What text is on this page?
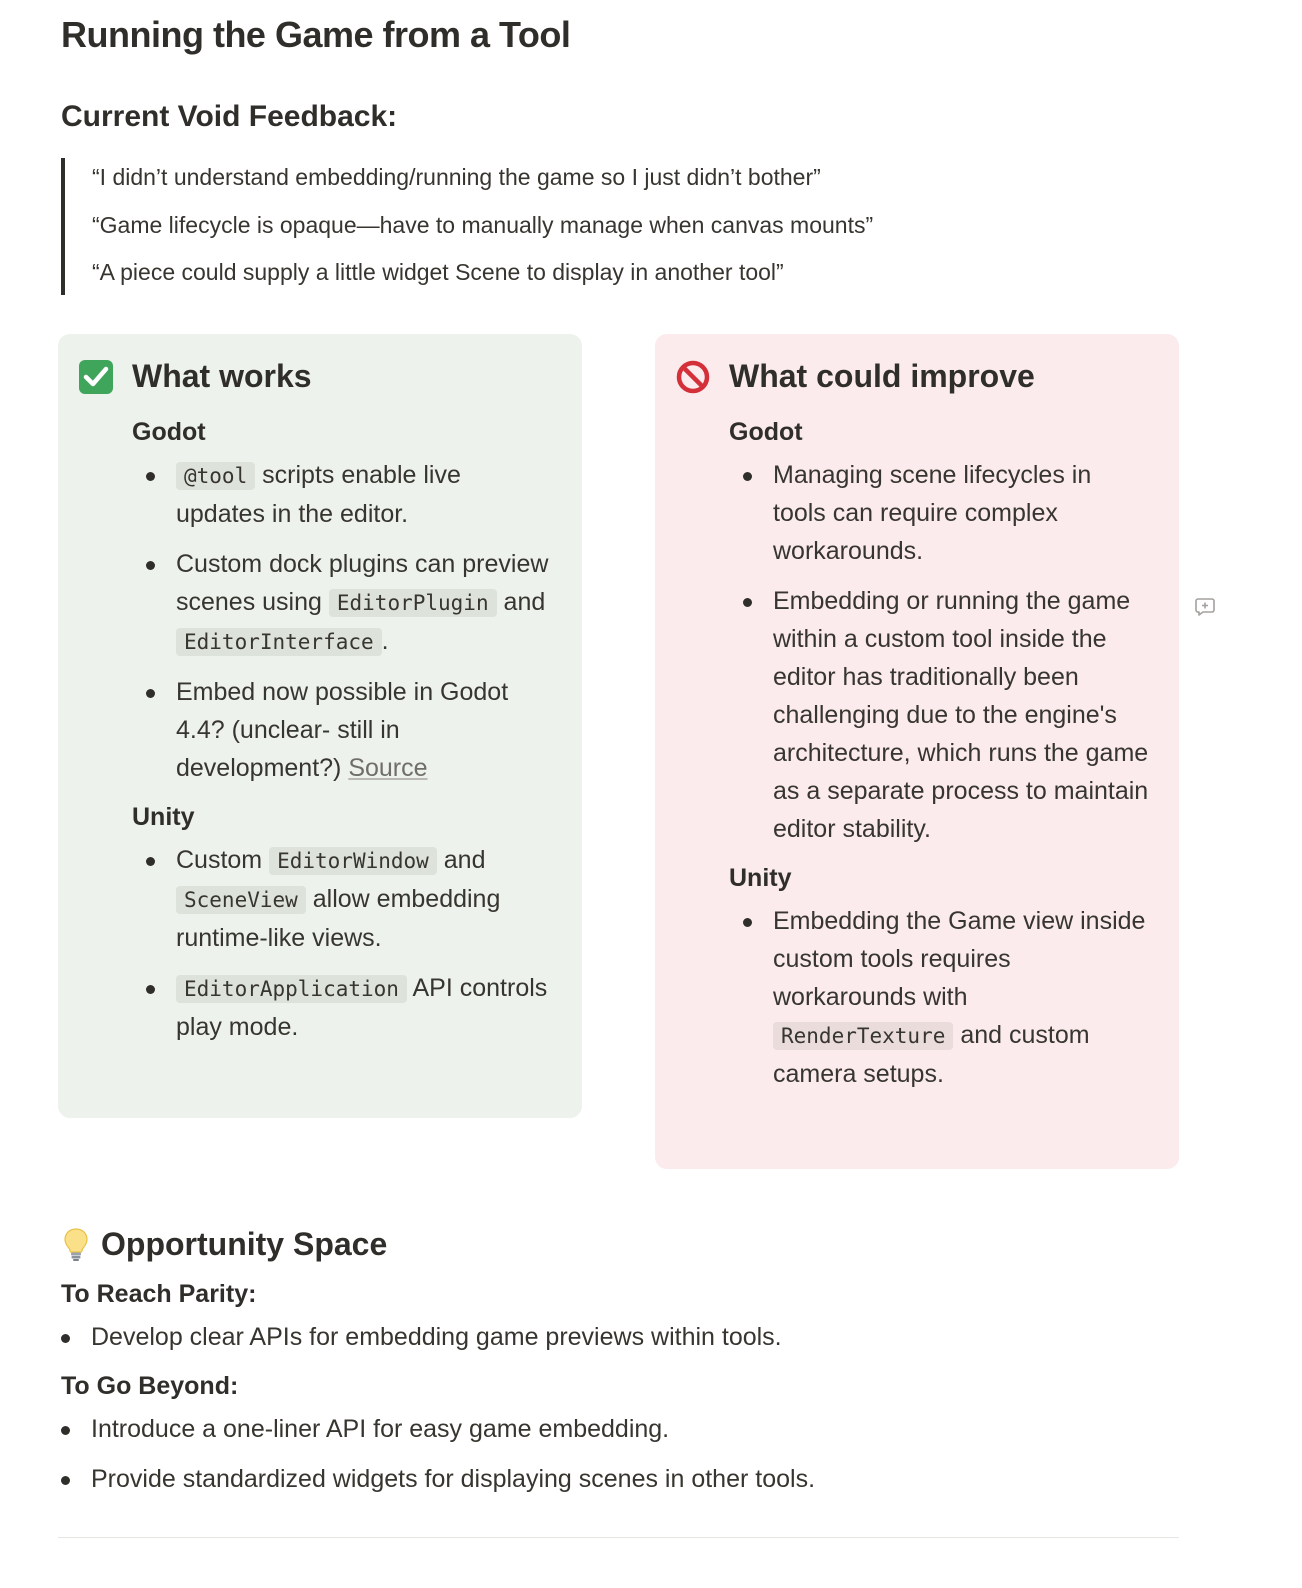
Running the Game from a Tool
Current Void Feedback:

“I didn’t understand embedding/running the game so I just didn’t bother”

“Game lifecycle is opaque—have to manually manage when canvas mounts”

“A piece could supply a little widget Scene to display in another tool”

What works

Godot

@tool scripts enable live updates in the editor.
Custom dock plugins can preview scenes using EditorPlugin and EditorInterface .
Embed now possible in Godot 4.4? (unclear- still in development?) Source

Unity

Custom EditorWindow and SceneView allow embedding runtime-like views.
EditorApplication API controls play mode.
What could improve

Godot

Managing scene lifecycles in tools can require complex workarounds.
Embedding or running the game within a custom tool inside the editor has traditionally been challenging due to the engine's architecture, which runs the game as a separate process to maintain editor stability.

Unity

Embedding the Game view inside custom tools requires workarounds with RenderTexture and custom camera setups.
Opportunity Space

To Reach Parity:

Develop clear APIs for embedding game previews within tools.

To Go Beyond:

Introduce a one-liner API for easy game embedding.
Provide standardized widgets for displaying scenes in other tools.
